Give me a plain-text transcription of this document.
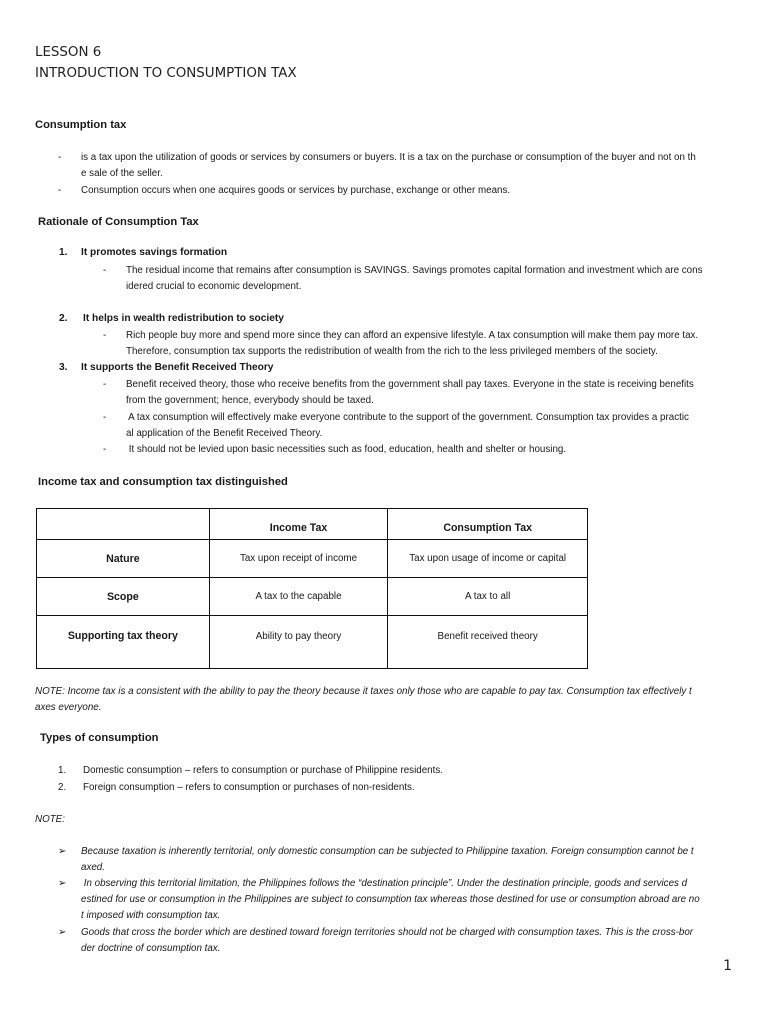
LESSON 6
INTRODUCTION TO CONSUMPTION TAX
Consumption tax
- is a tax upon the utilization of goods or services by consumers or buyers. It is a tax on the purchase or consumption of the buyer and not on th
e sale of the seller.
- Consumption occurs when one acquires goods or services by purchase, exchange or other means.
Rationale of Consumption Tax
1. It promotes savings formation
- The residual income that remains after consumption is SAVINGS. Savings promotes capital formation and investment which are cons
idered crucial to economic development.
2. It helps in wealth redistribution to society
- Rich people buy more and spend more since they can afford an expensive lifestyle. A tax consumption will make them pay more tax.
Therefore, consumption tax supports the redistribution of wealth from the rich to the less privileged members of the society.
3. It supports the Benefit Received Theory
- Benefit received theory, those who receive benefits from the government shall pay taxes. Everyone in the state is receiving benefits
from the government; hence, everybody should be taxed.
- A tax consumption will effectively make everyone contribute to the support of the government. Consumption tax provides a practic
al application of the Benefit Received Theory.
- It should not be levied upon basic necessities such as food, education, health and shelter or housing.
Income tax and consumption tax distinguished
	Income Tax	Consumption Tax
Nature	Tax upon receipt of income	Tax upon usage of income or capital
Scope	A tax to the capable	A tax to all
Supporting tax theory	Ability to pay theory	Benefit received theory
NOTE: Income tax is a consistent with the ability to pay the theory because it taxes only those who are capable to pay tax. Consumption tax effectively t
axes everyone.
Types of consumption
1. Domestic consumption – refers to consumption or purchase of Philippine residents.
2. Foreign consumption – refers to consumption or purchases of non-residents.
NOTE:
➢ Because taxation is inherently territorial, only domestic consumption can be subjected to Philippine taxation. Foreign consumption cannot be t
axed.
➢ In observing this territorial limitation, the Philippines follows the “destination principle”. Under the destination principle, goods and services d
estined for use or consumption in the Philippines are subject to consumption tax whereas those destined for use or consumption abroad are no
t imposed with consumption tax.
➢ Goods that cross the border which are destined toward foreign territories should not be charged with consumption taxes. This is the cross-bor
der doctrine of consumption tax.
1
